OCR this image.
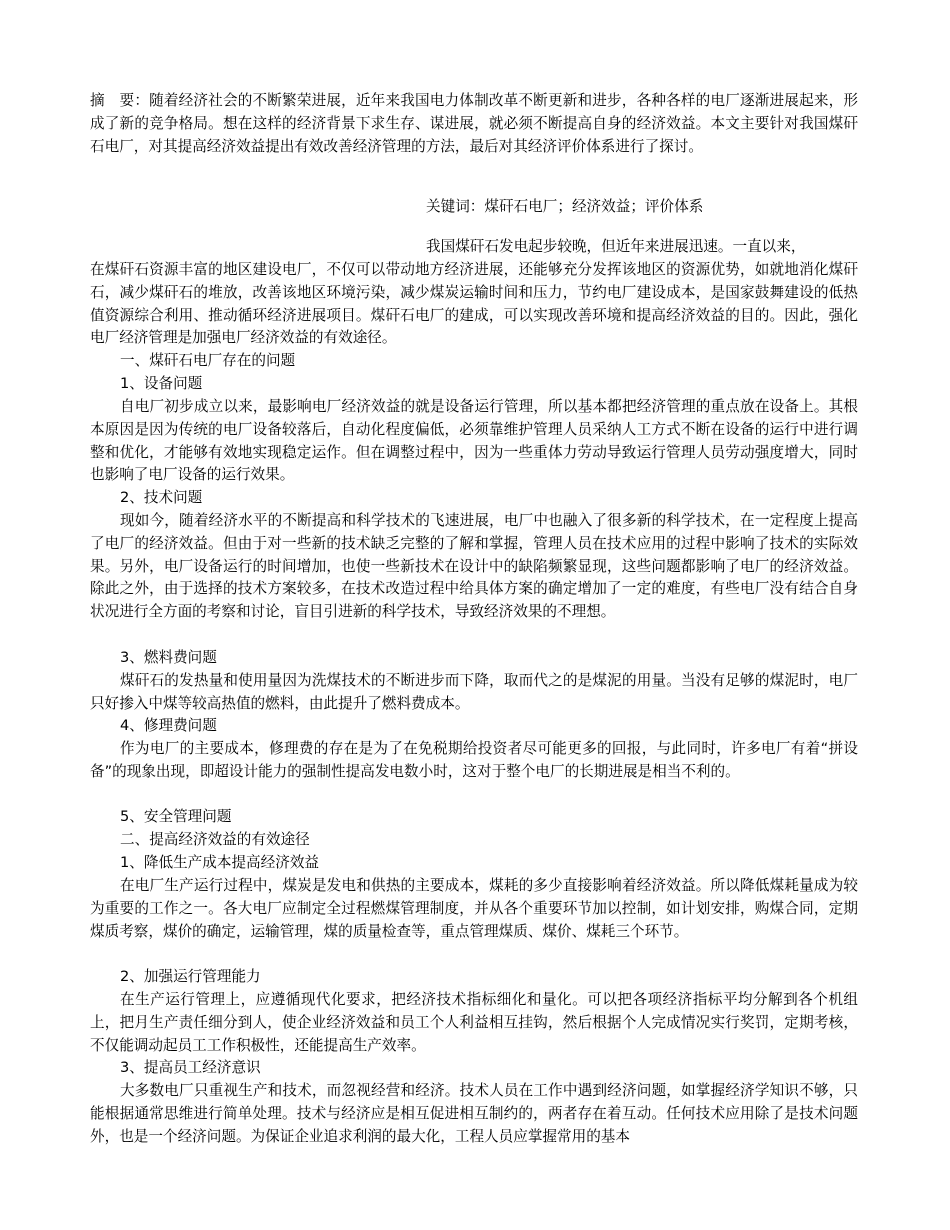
摘　要：随着经济社会的不断繁荣进展，近年来我国电力体制改革不断更新和进步，各种各样的电厂逐渐进展起来，形成了新的竞争格局。想在这样的经济背景下求生存、谋进展，就必须不断提高自身的经济效益。本文主要针对我国煤矸石电厂，对其提高经济效益提出有效改善经济管理的方法，最后对其经济评价体系进行了探讨。
关键词：煤矸石电厂；经济效益；评价体系
我国煤矸石发电起步较晚，但近年来进展迅速。一直以来，
在煤矸石资源丰富的地区建设电厂，不仅可以带动地方经济进展，还能够充分发挥该地区的资源优势，如就地消化煤矸石，减少煤矸石的堆放，改善该地区环境污染，减少煤炭运输时间和压力，节约电厂建设成本，是国家鼓舞建设的低热值资源综合利用、推动循环经济进展项目。煤矸石电厂的建成，可以实现改善环境和提高经济效益的目的。因此，强化电厂经济管理是加强电厂经济效益的有效途径。
一、煤矸石电厂存在的问题
1、设备问题
自电厂初步成立以来，最影响电厂经济效益的就是设备运行管理，所以基本都把经济管理的重点放在设备上。其根本原因是因为传统的电厂设备较落后，自动化程度偏低，必须靠维护管理人员采纳人工方式不断在设备的运行中进行调整和优化，才能够有效地实现稳定运作。但在调整过程中，因为一些重体力劳动导致运行管理人员劳动强度增大，同时也影响了电厂设备的运行效果。
2、技术问题
现如今，随着经济水平的不断提高和科学技术的飞速进展，电厂中也融入了很多新的科学技术，在一定程度上提高了电厂的经济效益。但由于对一些新的技术缺乏完整的了解和掌握，管理人员在技术应用的过程中影响了技术的实际效果。另外，电厂设备运行的时间增加，也使一些新技术在设计中的缺陷频繁显现，这些问题都影响了电厂的经济效益。除此之外，由于选择的技术方案较多，在技术改造过程中给具体方案的确定增加了一定的难度，有些电厂没有结合自身状况进行全方面的考察和讨论，盲目引进新的科学技术，导致经济效果的不理想。
3、燃料费问题
煤矸石的发热量和使用量因为洗煤技术的不断进步而下降，取而代之的是煤泥的用量。当没有足够的煤泥时，电厂只好掺入中煤等较高热值的燃料，由此提升了燃料费成本。
4、修理费问题
作为电厂的主要成本，修理费的存在是为了在免税期给投资者尽可能更多的回报，与此同时，许多电厂有着“拼设备”的现象出现，即超设计能力的强制性提高发电数小时，这对于整个电厂的长期进展是相当不利的。
5、安全管理问题
二、提高经济效益的有效途径
1、降低生产成本提高经济效益
在电厂生产运行过程中，煤炭是发电和供热的主要成本，煤耗的多少直接影响着经济效益。所以降低煤耗量成为较为重要的工作之一。各大电厂应制定全过程燃煤管理制度，并从各个重要环节加以控制，如计划安排，购煤合同，定期煤质考察，煤价的确定，运输管理，煤的质量检查等，重点管理煤质、煤价、煤耗三个环节。
2、加强运行管理能力
在生产运行管理上，应遵循现代化要求，把经济技术指标细化和量化。可以把各项经济指标平均分解到各个机组上，把月生产责任细分到人，使企业经济效益和员工个人利益相互挂钩，然后根据个人完成情况实行奖罚，定期考核，不仅能调动起员工工作积极性，还能提高生产效率。
3、提高员工经济意识
大多数电厂只重视生产和技术，而忽视经营和经济。技术人员在工作中遇到经济问题，如掌握经济学知识不够，只能根据通常思维进行简单处理。技术与经济应是相互促进相互制约的，两者存在着互动。任何技术应用除了是技术问题外，也是一个经济问题。为保证企业追求利润的最大化，工程人员应掌握常用的基本
